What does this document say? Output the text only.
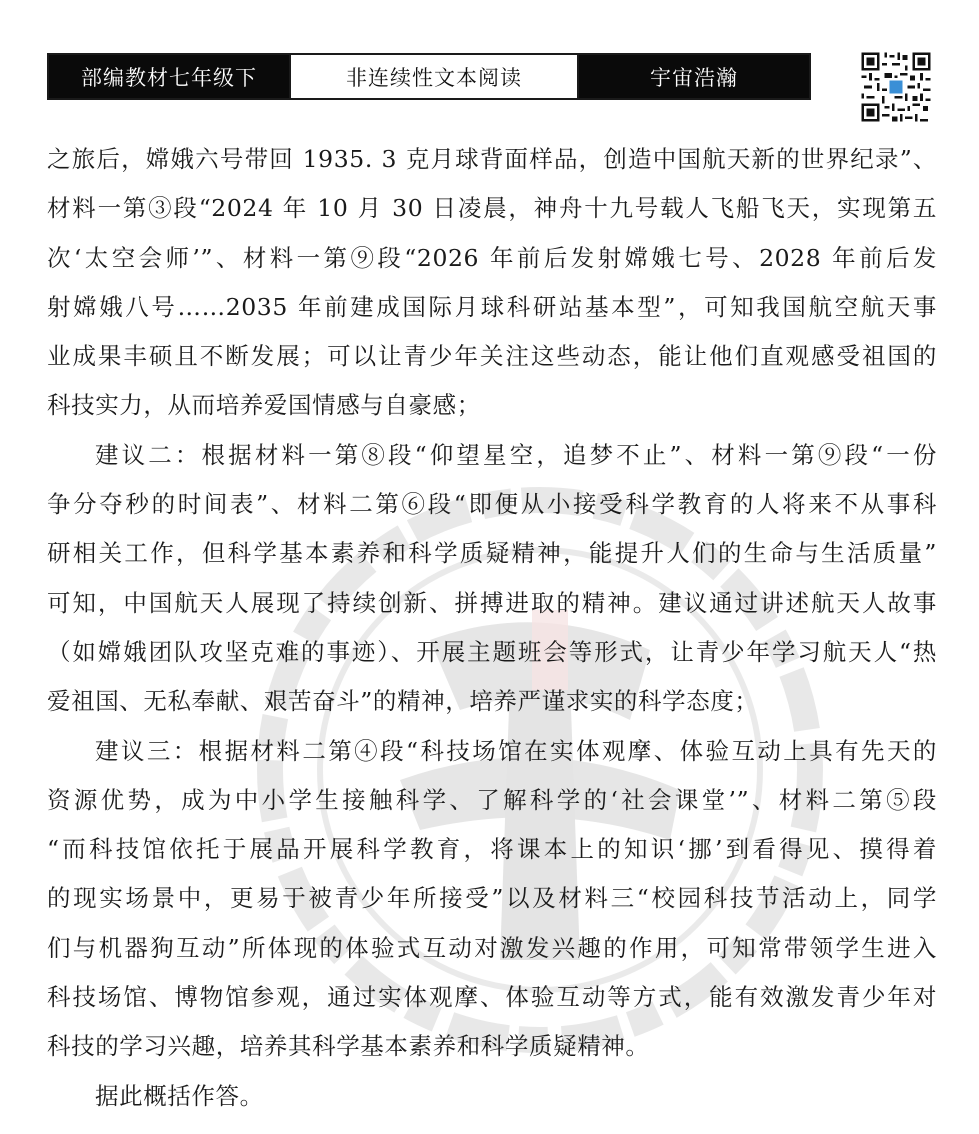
部编教材七年级下	非连续性文本阅读	宇宙浩瀚
之旅后，嫦娥六号带回 1935. 3 克月球背面样品，创造中国航天新的世界纪录”、
材料一第③段“2024 年 10 月 30 日凌晨，神舟十九号载人飞船飞天，实现第五
次‘太空会师’”、材料一第⑨段“2026 年前后发射嫦娥七号、2028 年前后发
射嫦娥八号……2035 年前建成国际月球科研站基本型”，可知我国航空航天事
业成果丰硕且不断发展；可以让青少年关注这些动态，能让他们直观感受祖国的
科技实力，从而培养爱国情感与自豪感；
建议二：根据材料一第⑧段“仰望星空，追梦不止”、材料一第⑨段“一份
争分夺秒的时间表”、材料二第⑥段“即便从小接受科学教育的人将来不从事科
研相关工作，但科学基本素养和科学质疑精神，能提升人们的生命与生活质量”
可知，中国航天人展现了持续创新、拼搏进取的精神。建议通过讲述航天人故事
（如嫦娥团队攻坚克难的事迹）、开展主题班会等形式，让青少年学习航天人“热
爱祖国、无私奉献、艰苦奋斗”的精神，培养严谨求实的科学态度；
建议三：根据材料二第④段“科技场馆在实体观摩、体验互动上具有先天的
资源优势，成为中小学生接触科学、了解科学的‘社会课堂’”、材料二第⑤段
“而科技馆依托于展品开展科学教育，将课本上的知识‘挪’到看得见、摸得着
的现实场景中，更易于被青少年所接受”以及材料三“校园科技节活动上，同学
们与机器狗互动”所体现的体验式互动对激发兴趣的作用，可知常带领学生进入
科技场馆、博物馆参观，通过实体观摩、体验互动等方式，能有效激发青少年对
科技的学习兴趣，培养其科学基本素养和科学质疑精神。
据此概括作答。
